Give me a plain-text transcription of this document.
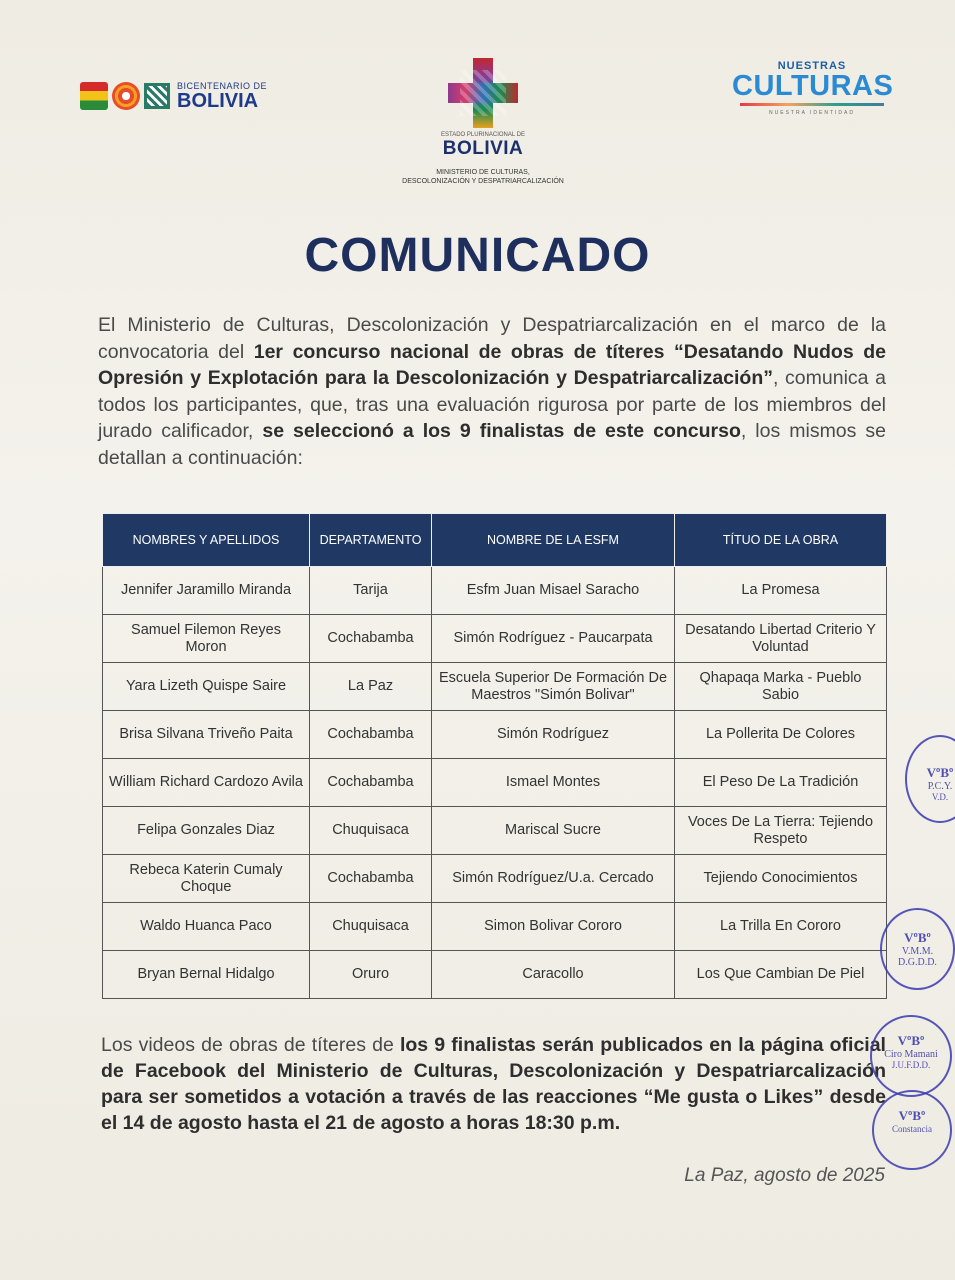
BICENTENARIO DE
BOLIVIA
ESTADO PLURINACIONAL DE
BOLIVIA
MINISTERIO DE CULTURAS,
DESCOLONIZACIÓN Y DESPATRIARCALIZACIÓN
NUESTRAS
CULTURAS
NUESTRA IDENTIDAD
COMUNICADO
El Ministerio de Culturas, Descolonización y Despatriarcalización en el marco de la convocatoria del 1er concurso nacional de obras de títeres “Desatando Nudos de Opresión y Explotación para la Descolonización y Despatriarcalización”, comunica a todos los participantes, que, tras una evaluación rigurosa por parte de los miembros del jurado calificador, se seleccionó a los 9 finalistas de este concurso, los mismos se detallan a continuación:
NOMBRES Y APELLIDOS	DEPARTAMENTO	NOMBRE DE LA ESFM	TÍTUO DE LA OBRA
Jennifer Jaramillo Miranda	Tarija	Esfm Juan Misael Saracho	La Promesa
Samuel Filemon Reyes Moron	Cochabamba	Simón Rodríguez - Paucarpata	Desatando Libertad Criterio Y Voluntad
Yara Lizeth Quispe Saire	La Paz	Escuela Superior De Formación De Maestros "Simón Bolivar"	Qhapaqa Marka - Pueblo Sabio
Brisa Silvana Triveño Paita	Cochabamba	Simón Rodríguez	La Pollerita De Colores
William Richard Cardozo Avila	Cochabamba	Ismael Montes	El Peso De La Tradición
Felipa Gonzales Diaz	Chuquisaca	Mariscal Sucre	Voces De La Tierra: Tejiendo Respeto
Rebeca Katerin Cumaly Choque	Cochabamba	Simón Rodríguez/U.a. Cercado	Tejiendo Conocimientos
Waldo Huanca Paco	Chuquisaca	Simon Bolivar Cororo	La Trilla En Cororo
Bryan Bernal Hidalgo	Oruro	Caracollo	Los Que Cambian De Piel
Los videos de obras de títeres de los 9 finalistas serán publicados en la página oficial de Facebook del Ministerio de Culturas, Descolonización y Despatriarcalización para ser sometidos a votación a través de las reacciones “Me gusta o Likes” desde el 14 de agosto hasta el 21 de agosto a horas 18:30 p.m.
La Paz, agosto de 2025
VºBº
P.C.Y.
V.D.
VºBº
V.M.M.
D.G.D.D.
VºBº
Ciro Mamani
J.U.F.D.D.
VºBº
Constancia
